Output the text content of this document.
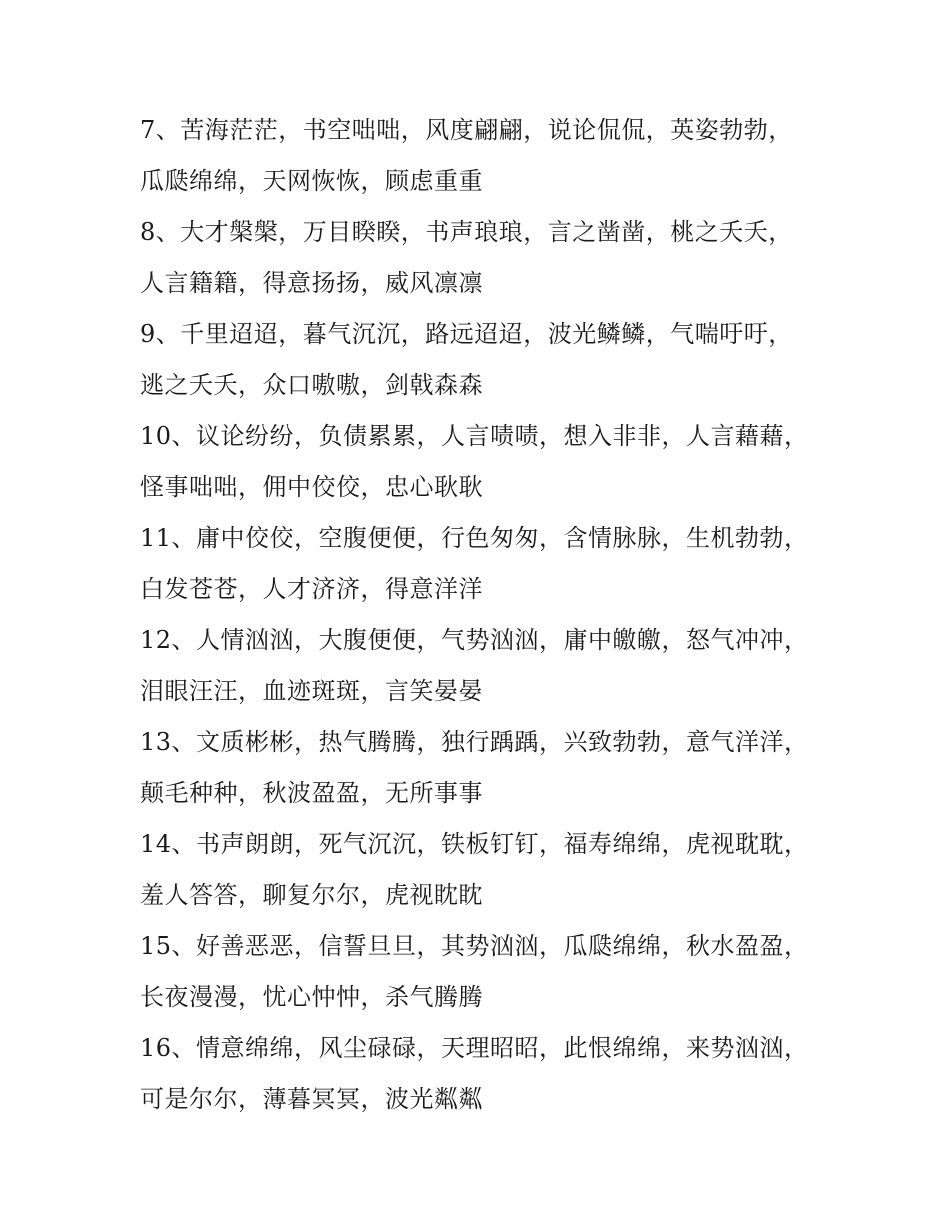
7、苦海茫茫，书空咄咄，风度翩翩，说论侃侃，英姿勃勃，
瓜瓞绵绵，天网恢恢，顾虑重重
8、大才槃槃，万目睽睽，书声琅琅，言之凿凿，桃之夭夭，
人言籍籍，得意扬扬，威风凛凛
9、千里迢迢，暮气沉沉，路远迢迢，波光鳞鳞，气喘吁吁，
逃之夭夭，众口嗷嗷，剑戟森森
10、议论纷纷，负债累累，人言啧啧，想入非非，人言藉藉，
怪事咄咄，佣中佼佼，忠心耿耿
11、庸中佼佼，空腹便便，行色匆匆，含情脉脉，生机勃勃，
白发苍苍，人才济济，得意洋洋
12、人情汹汹，大腹便便，气势汹汹，庸中皦皦，怒气冲冲，
泪眼汪汪，血迹斑斑，言笑晏晏
13、文质彬彬，热气腾腾，独行踽踽，兴致勃勃，意气洋洋，
颠毛种种，秋波盈盈，无所事事
14、书声朗朗，死气沉沉，铁板钉钉，福寿绵绵，虎视耽耽，
羞人答答，聊复尔尔，虎视眈眈
15、好善恶恶，信誓旦旦，其势汹汹，瓜瓞绵绵，秋水盈盈，
长夜漫漫，忧心忡忡，杀气腾腾
16、情意绵绵，风尘碌碌，天理昭昭，此恨绵绵，来势汹汹，
可是尔尔，薄暮冥冥，波光粼粼
